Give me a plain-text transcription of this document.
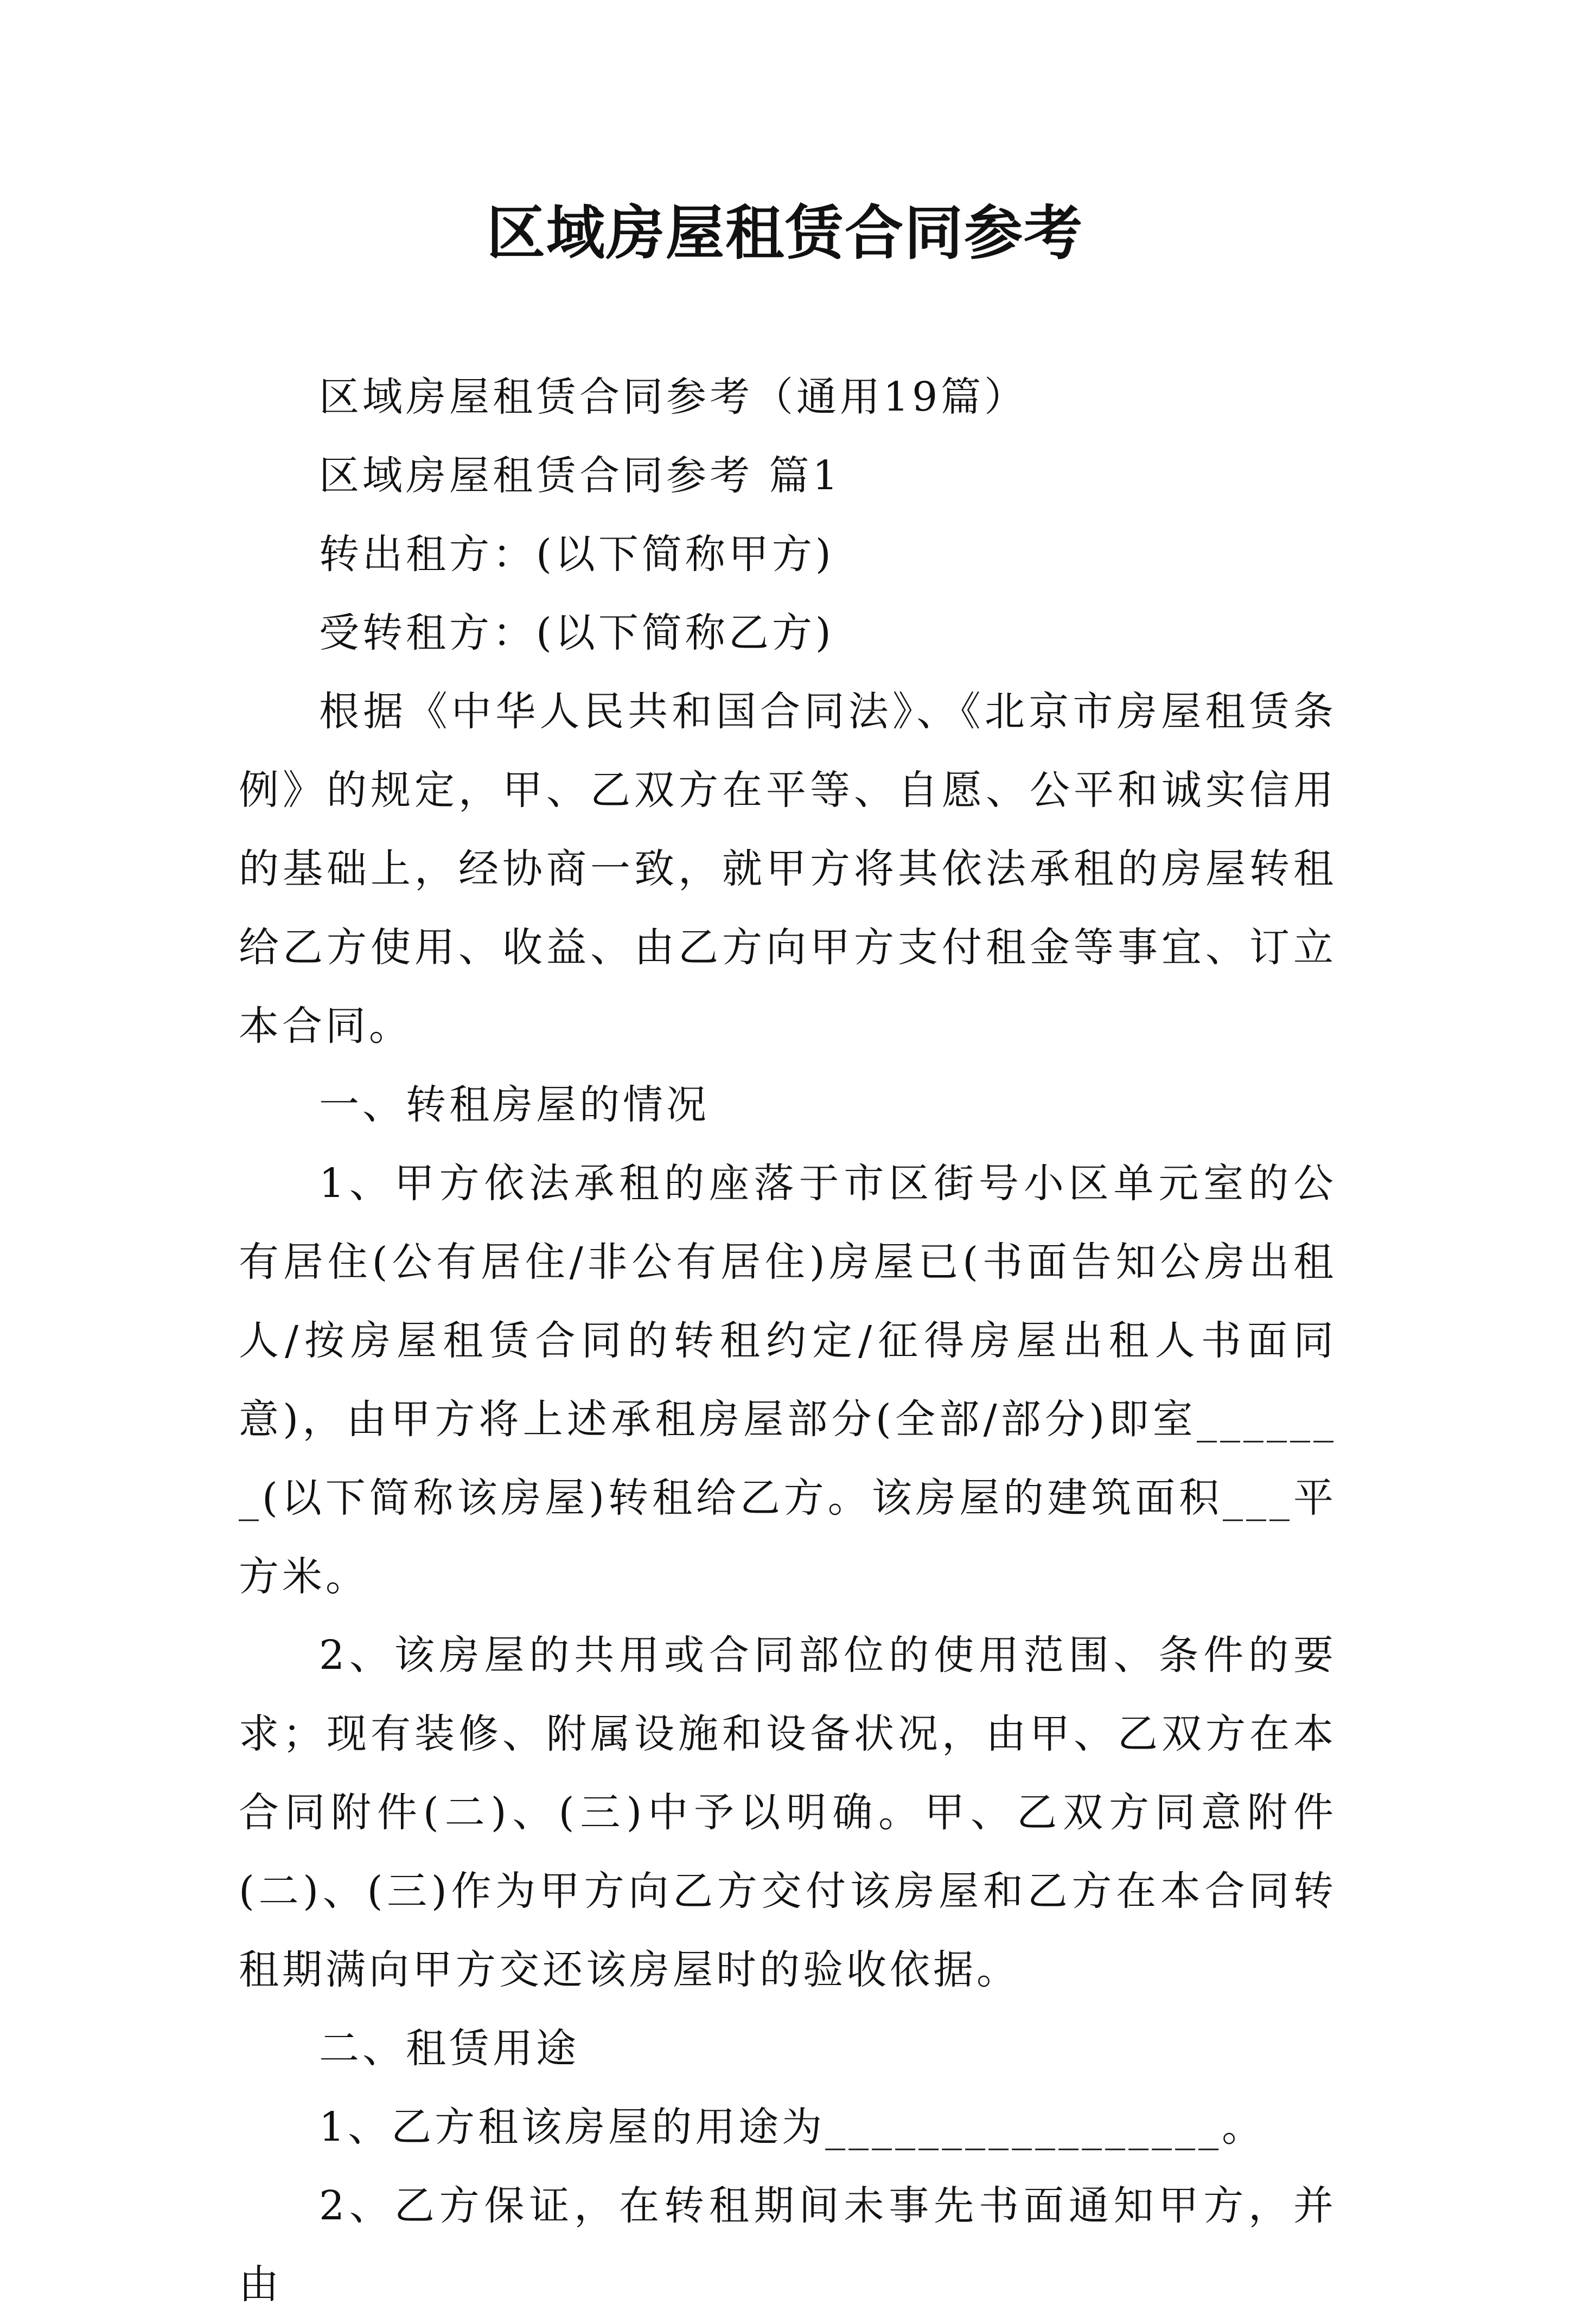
区域房屋租赁合同参考

区域房屋租赁合同参考（通用19篇）

区域房屋租赁合同参考 篇1

转出租方：(以下简称甲方)

受转租方：(以下简称乙方)

根据《中华人民共和国合同法》、《北京市房屋租赁条例》的规定，甲、乙双方在平等、自愿、公平和诚实信用的基础上，经协商一致，就甲方将其依法承租的房屋转租给乙方使用、收益、由乙方向甲方支付租金等事宜、订立本合同。

一、转租房屋的情况

1、甲方依法承租的座落于市区街号小区单元室的公有居住(公有居住/非公有居住)房屋已(书面告知公房出租人/按房屋租赁合同的转租约定/征得房屋出租人书面同意)，由甲方将上述承租房屋部分(全部/部分)即室_______(以下简称该房屋)转租给乙方。该房屋的建筑面积___平方米。

2、该房屋的共用或合同部位的使用范围、条件的要求；现有装修、附属设施和设备状况，由甲、乙双方在本合同附件(二)、(三)中予以明确。甲、乙双方同意附件(二)、(三)作为甲方向乙方交付该房屋和乙方在本合同转租期满向甲方交还该房屋时的验收依据。

二、租赁用途

1、乙方租该房屋的用途为_________________。

2、乙方保证，在转租期间未事先书面通知甲方，并由
